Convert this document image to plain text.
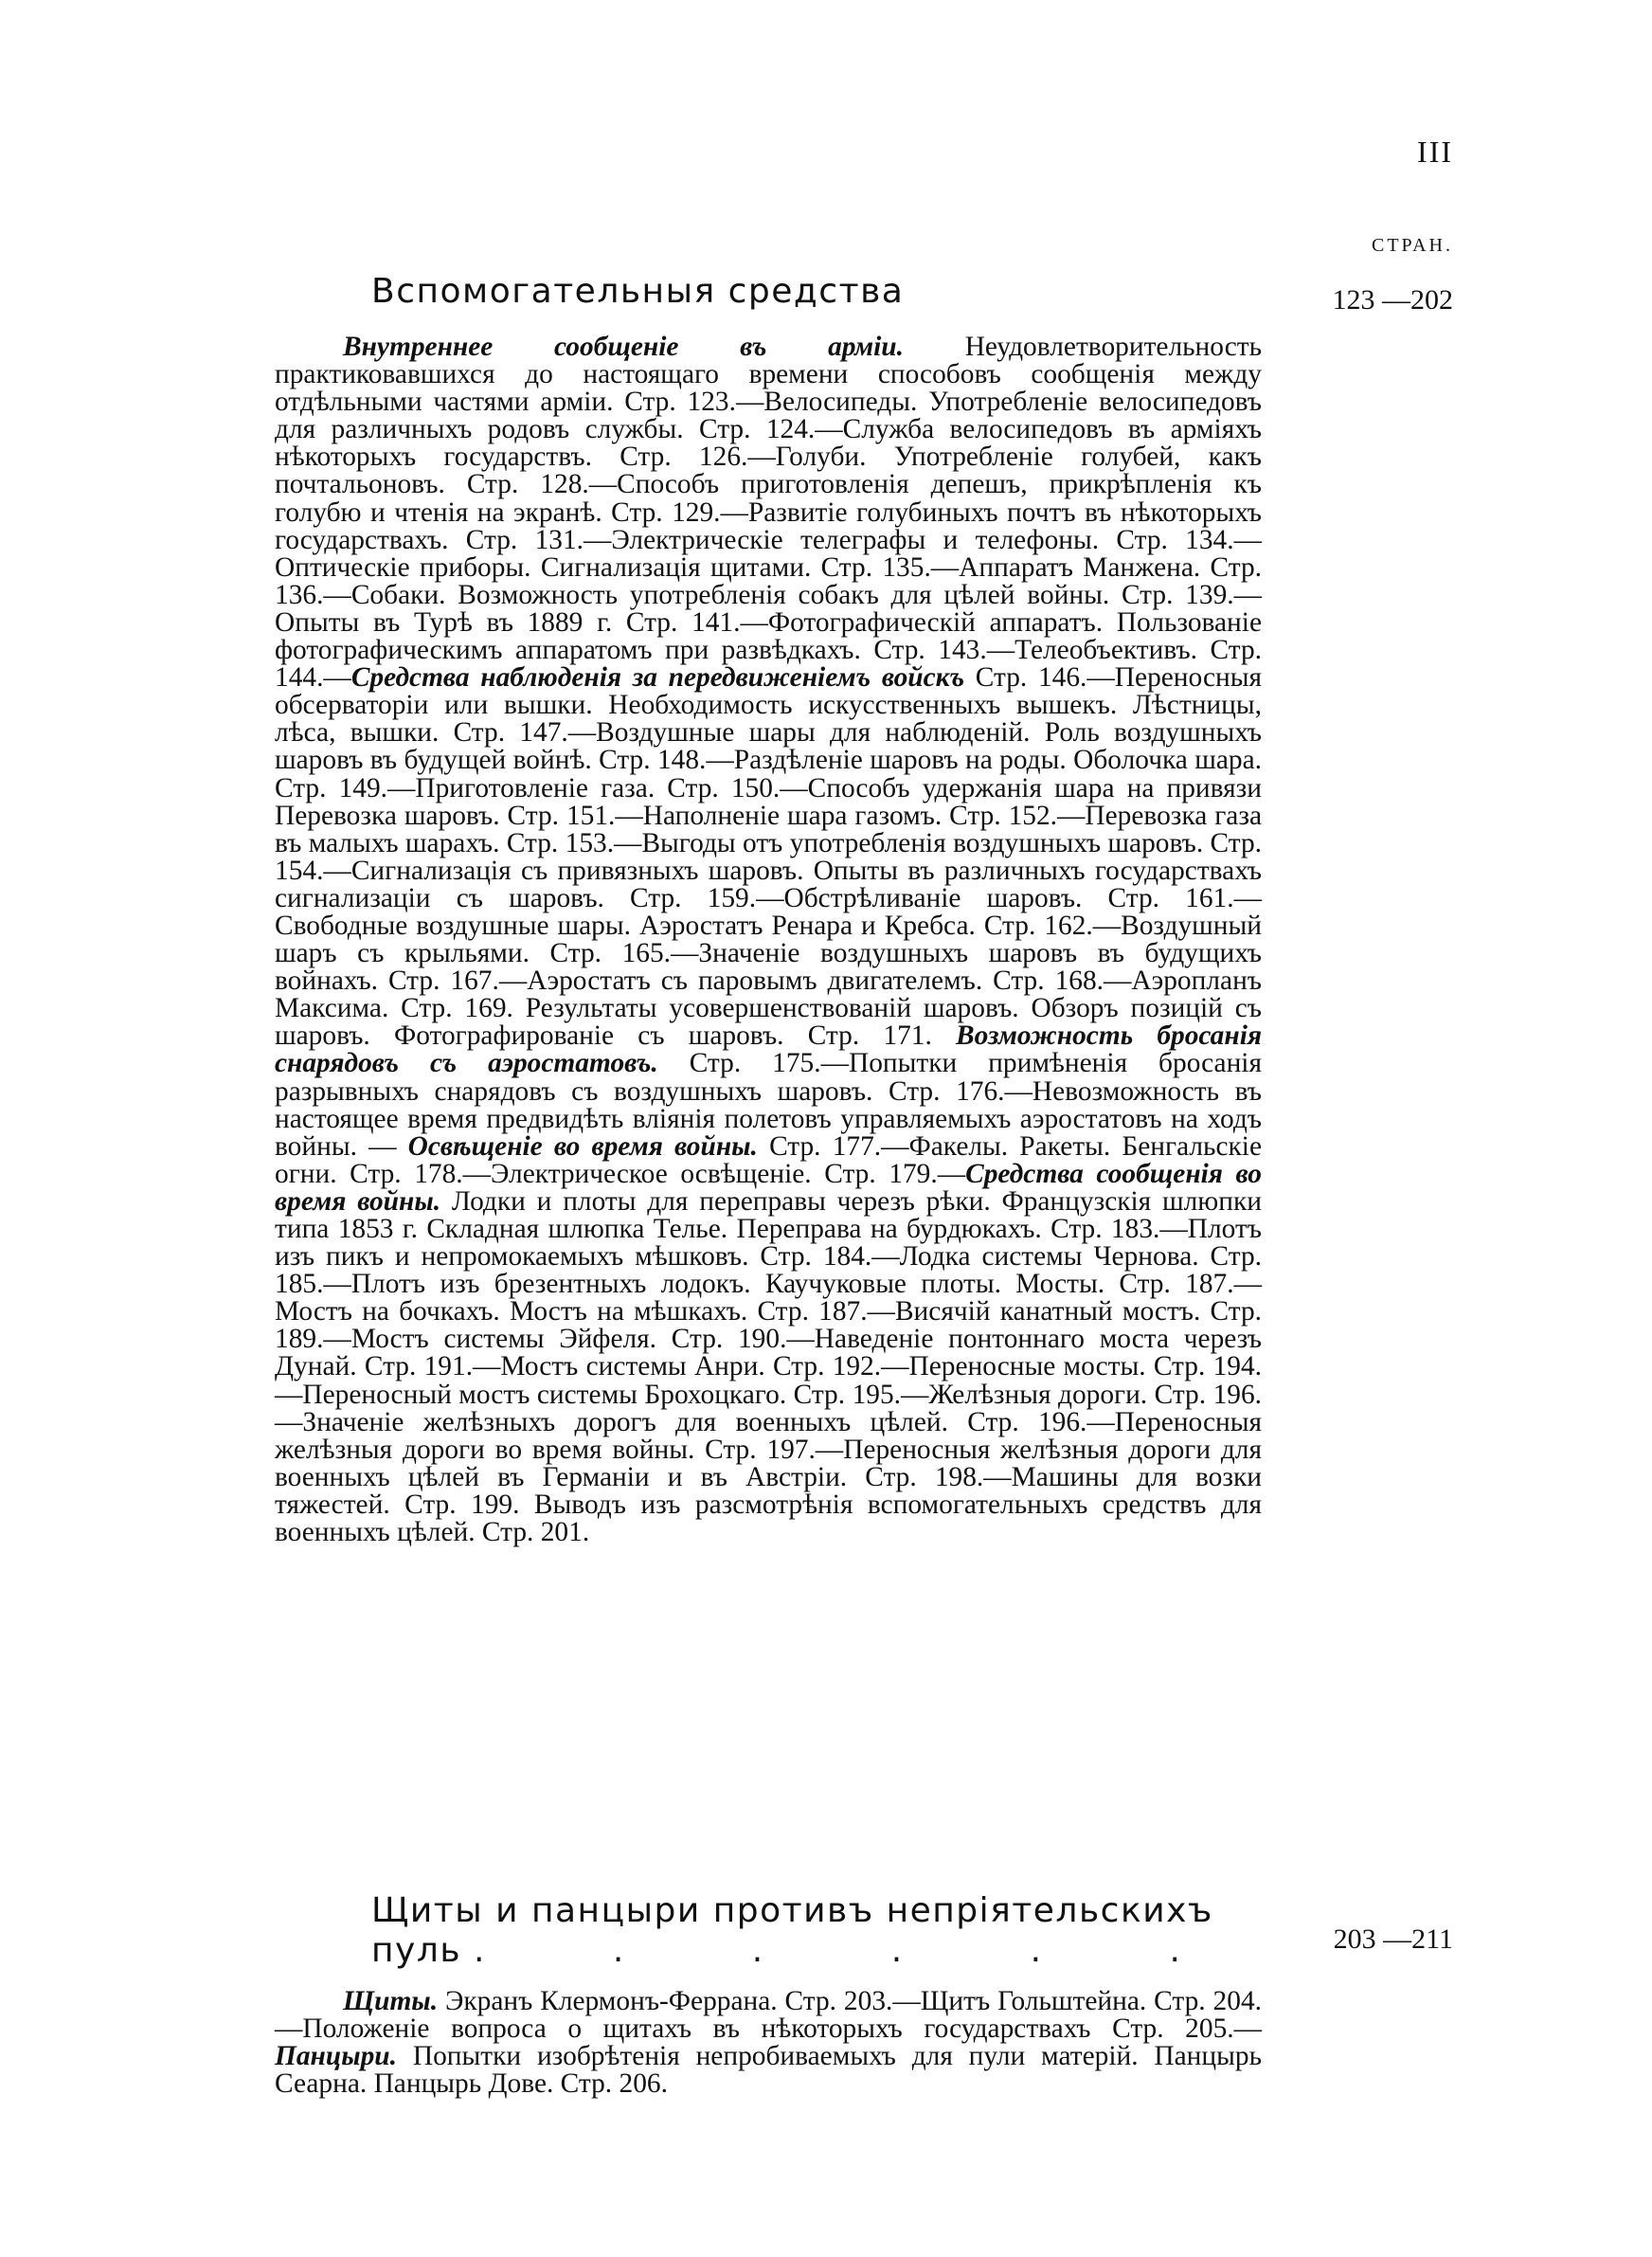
III
СТРАН.
Вспомогательныя средства	123 —202
Внутреннее сообщеніе въ арміи. Неудовлетворительность практиковавшихся до настоящаго времени способовъ сообщенія между отдѣльными частями арміи. Стр. 123.—Велосипеды. Употребленіе велосипедовъ для различныхъ родовъ службы. Стр. 124.—Служба велосипедовъ въ арміяхъ нѣкоторыхъ государствъ. Стр. 126.—Голуби. Употребленіе голубей, какъ почтальоновъ. Стр. 128.—Способъ приготовленія депешъ, прикрѣпленія къ голубю и чтенія на экранѣ. Стр. 129.—Развитіе голубиныхъ почтъ въ нѣкоторыхъ государствахъ. Стр. 131.—Электрическіе телеграфы и телефоны. Стр. 134.—Оптическіе приборы. Сигнализація щитами. Стр. 135.—Аппаратъ Манжена. Стр. 136.—Собаки. Возможность употребленія собакъ для цѣлей войны. Стр. 139.—Опыты въ Турѣ въ 1889 г. Стр. 141.—Фотографическій аппаратъ. Пользованіе фотографическимъ аппаратомъ при развѣдкахъ. Стр. 143.—Телеобъективъ. Стр. 144.—Средства наблюденія за передвиженіемъ войскъ Стр. 146.—Переносныя обсерваторіи или вышки. Необходимость искусственныхъ вышекъ. Лѣстницы, лѣса, вышки. Стр. 147.—Воздушные шары для наблюденій. Роль воздушныхъ шаровъ въ будущей войнѣ. Стр. 148.—Раздѣленіе шаровъ на роды. Оболочка шара. Стр. 149.—Приготовленіе газа. Стр. 150.—Способъ удержанія шара на привязи Перевозка шаровъ. Стр. 151.—Наполненіе шара газомъ. Стр. 152.—Перевозка газа въ малыхъ шарахъ. Стр. 153.—Выгоды отъ употребленія воздушныхъ шаровъ. Стр. 154.—Сигнализація съ привязныхъ шаровъ. Опыты въ различныхъ государствахъ сигнализаціи съ шаровъ. Стр. 159.—Обстрѣливаніе шаровъ. Стр. 161.—Свободные воздушные шары. Аэростатъ Ренара и Кребса. Стр. 162.—Воздушный шаръ съ крыльями. Стр. 165.—Значеніе воздушныхъ шаровъ въ будущихъ войнахъ. Стр. 167.—Аэростатъ съ паровымъ двигателемъ. Стр. 168.—Аэропланъ Максима. Стр. 169. Результаты усовершенствованій шаровъ. Обзоръ позицій съ шаровъ. Фотографированіе съ шаровъ. Стр. 171. Возможность бросанія снарядовъ съ аэростатовъ. Стр. 175.—Попытки примѣненія бросанія разрывныхъ снарядовъ съ воздушныхъ шаровъ. Стр. 176.—Невозможность въ настоящее время предвидѣть вліянія полетовъ управляемыхъ аэростатовъ на ходъ войны. — Освѣщеніе во время войны. Стр. 177.—Факелы. Ракеты. Бенгальскіе огни. Стр. 178.—Электрическое освѣщеніе. Стр. 179.—Средства сообщенія во время войны. Лодки и плоты для переправы черезъ рѣки. Французскія шлюпки типа 1853 г. Складная шлюпка Телье. Переправа на бурдюкахъ. Стр. 183.—Плотъ изъ пикъ и непромокаемыхъ мѣшковъ. Стр. 184.—Лодка системы Чернова. Стр. 185.—Плотъ изъ брезентныхъ лодокъ. Каучуковые плоты. Мосты. Стр. 187.—Мостъ на бочкахъ. Мостъ на мѣшкахъ. Стр. 187.—Висячій канатный мостъ. Стр. 189.—Мостъ системы Эйфеля. Стр. 190.—Наведеніе понтоннаго моста черезъ Дунай. Стр. 191.—Мостъ системы Анри. Стр. 192.—Переносные мосты. Стр. 194.—Переносный мостъ системы Брохоцкаго. Стр. 195.—Желѣзныя дороги. Стр. 196.—Значеніе желѣзныхъ дорогъ для военныхъ цѣлей. Стр. 196.—Переносныя желѣзныя дороги во время войны. Стр. 197.—Переносныя желѣзныя дороги для военныхъ цѣлей въ Германіи и въ Австріи. Стр. 198.—Машины для возки тяжестей. Стр. 199. Выводъ изъ разсмотрѣнія вспомогательныхъ средствъ для военныхъ цѣлей. Стр. 201.
Щиты и панцыри противъ непріятельскихъ
пуль . . . . . .	203 —211
Щиты. Экранъ Клермонъ-Феррана. Стр. 203.—Щитъ Гольштейна. Стр. 204.—Положеніе вопроса о щитахъ въ нѣкоторыхъ государствахъ Стр. 205.—Панцыри. Попытки изобрѣтенія непробиваемыхъ для пули матерій. Панцырь Сеарна. Панцырь Дове. Стр. 206.
